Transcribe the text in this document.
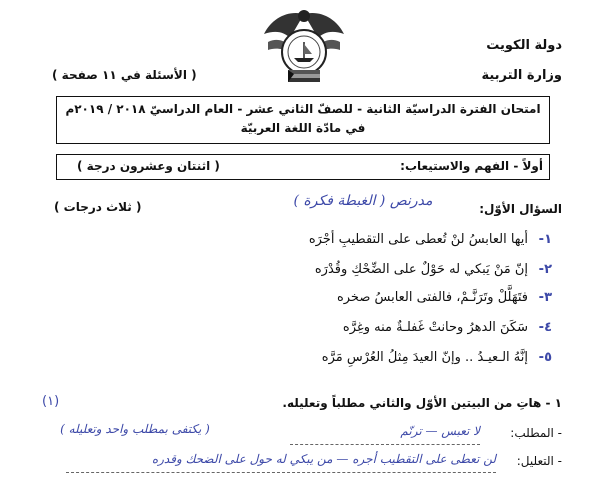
دولة الكويت
وزارة التربية
( الأسئلة في ١١ صفحة )
امتحان الفترة الدراسيّة الثانية - للصفّ الثاني عشر - العام الدراسيّ ٢٠١٨ / ٢٠١٩م
في مادّة اللغة العربيّة
أولاً - الفهم والاستيعاب:
( اثنتان وعشرون درجة )
السؤال الأوّل:
( ثلاث درجات )	مدرنص ( الغبطة فكرة )
١-أيها العابسُ لنْ تُعطى على التقطيبِ أجْرَه
٢-إنّ مَنْ يَبكي له حَوْلٌ على الضِّحْكِ وقُدْرَه
٣-فتَهَلَّلْ وتَرَنَّـمْ، فالفتى العابسُ صخره
٤-سَكَنَ الدهرُ وحانتْ غَفلـةٌ منه وغِرَّه
٥-إنَّهُ الـعيـدُ .. وإنّ العيدَ مِثلُ العُرْسِ مَرَّه
١ - هاتِ من البيتين الأوّل والثاني مطلباً وتعليله.
(١)
( يكتفى بمطلب واحد وتعليله )	- المطلب:
لا تعبس — ترنّم
- التعليل:
لن تعطى على التقطيب أجره — من يبكي له حول على الضحك وقدره
